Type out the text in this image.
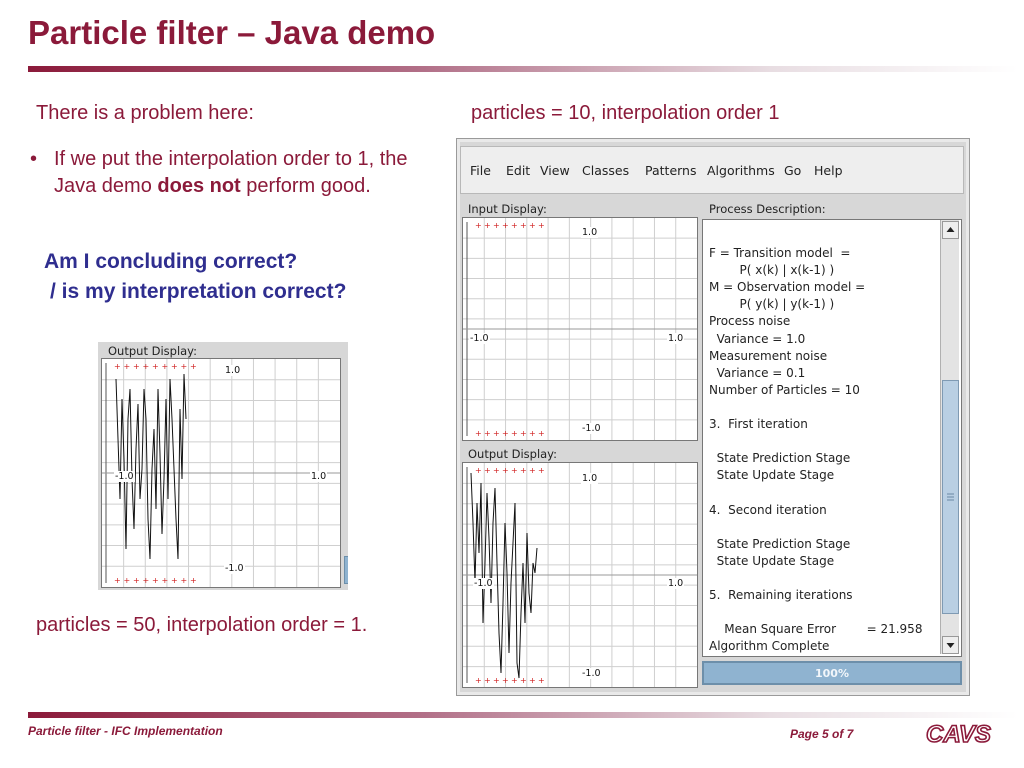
Particle filter – Java demo
There is a problem here:
• If we put the interpolation order to 1, the Java demo does not perform good.
Am I concluding correct?
/ is my interpretation correct?
Output Display:
+
+
+
+
+
+
+
+
+
+
+
+
+
+
+
+
+
+
1.0
-1.0	1.0
-1.0
particles = 50, interpolation order = 1.
particles = 10, interpolation order 1
File Edit View Classes Patterns Algorithms Go Help
Input Display:
+
+
+
+
+
+
+
+
+
+
+
+
+
+
+
+
1.0
-1.0	1.0
-1.0
Output Display:
+
+
+
+
+
+
+
+
+
+
+
+
+
+
+
+
1.0
-1.0	1.0
-1.0
Process Description:
F = Transition model  =
P( x(k) | x(k-1) )
M = Observation model =
P( y(k) | y(k-1) )
Process noise
Variance = 1.0
Measurement noise
Variance = 0.1
Number of Particles = 10
3.  First iteration
State Prediction Stage
State Update Stage
4.  Second iteration
State Prediction Stage
State Update Stage
5.  Remaining iterations
Mean Square Error        = 21.958
Algorithm Complete
100%
Particle filter - IFC Implementation	Page 5 of 7	CAVS
